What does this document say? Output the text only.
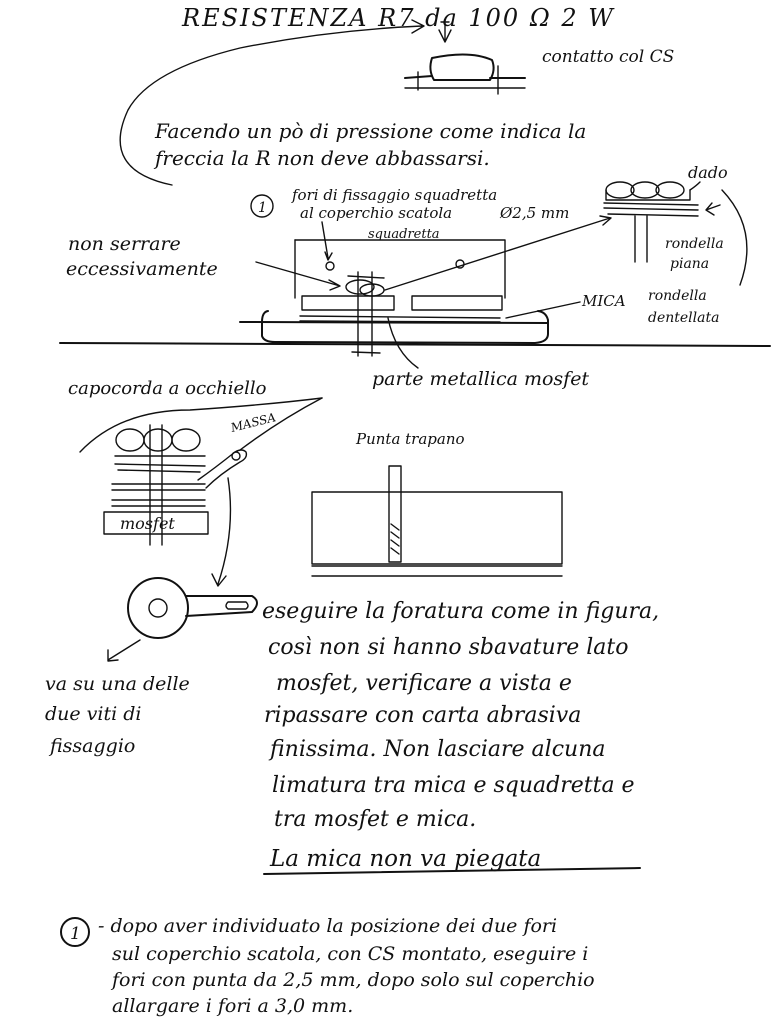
RESISTENZA R7 da 100 Ω 2 W
contatto col CS
Facendo un pò di pressione come indica la
freccia la R non deve abbassarsi.
1
fori di fissaggio squadretta
al coperchio scatola	Ø2,5 mm
squadretta
non serrare
eccessivamente
dado
rondella
piana
rondella
dentellata
MICA
parte metallica mosfet
capocorda a occhiello
MASSA
mosfet
va su una delle
due viti di
fissaggio
Punta trapano
eseguire la foratura come in figura,
così non si hanno sbavature lato
mosfet, verificare a vista e
ripassare con carta abrasiva
finissima. Non lasciare alcuna
limatura tra mica e squadretta e
tra mosfet e mica.
La mica non va piegata
1 - dopo aver individuato la posizione dei due fori
sul coperchio scatola, con CS montato, eseguire i
fori con punta da 2,5 mm, dopo solo sul coperchio
allargare i fori a 3,0 mm.
